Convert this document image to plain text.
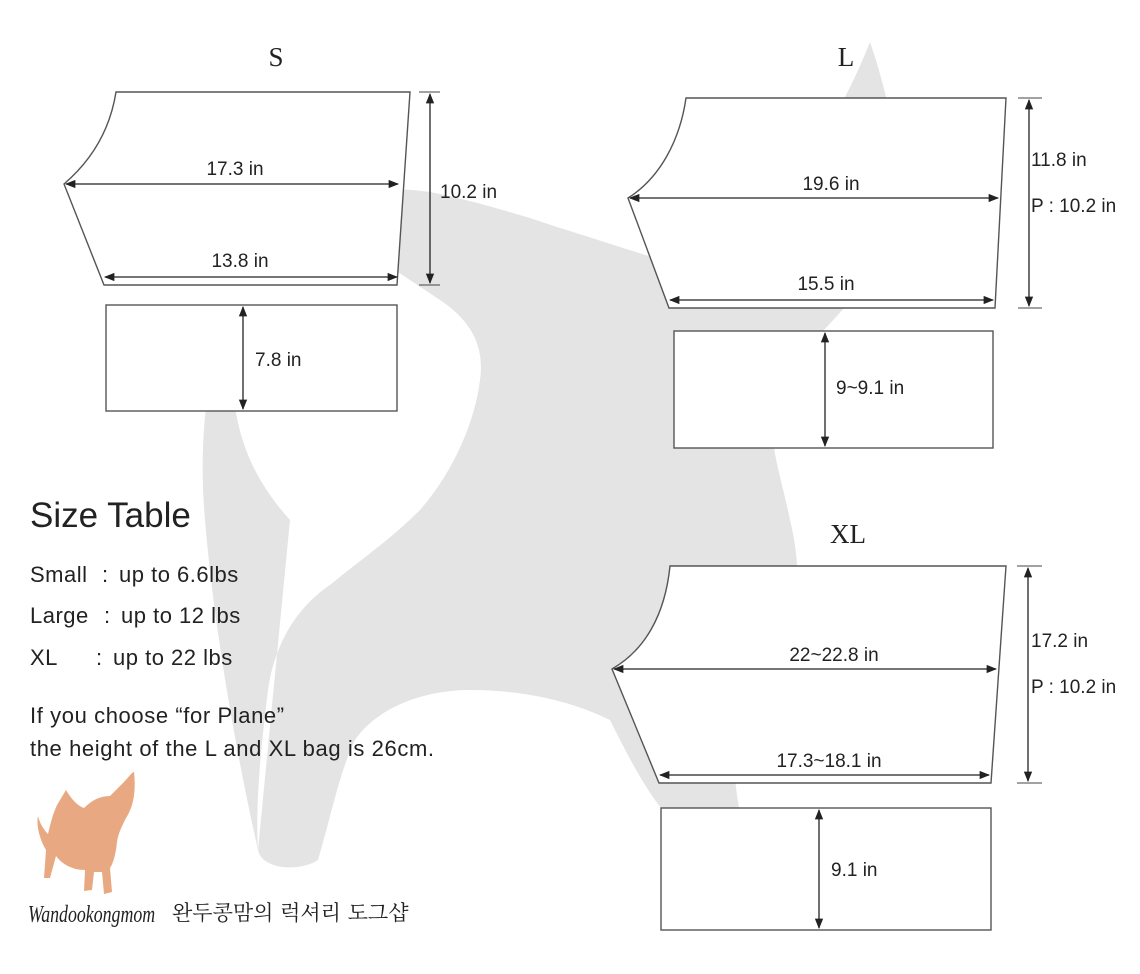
S
17.3 in
13.8 in
10.2 in
7.8 in
L
19.6 in
15.5 in
11.8 in
P : 10.2 in
9~9.1 in
XL
22~22.8 in
17.3~18.1 in
17.2 in
P : 10.2 in
9.1 in
Size Table
Small : up to 6.6lbs
Large : up to 12 lbs
XL : up to 22 lbs
If you choose “for Plane”
the height of the L and XL bag is 26cm.
Wandookongmom 완두콩맘의 럭셔리 도그샵
